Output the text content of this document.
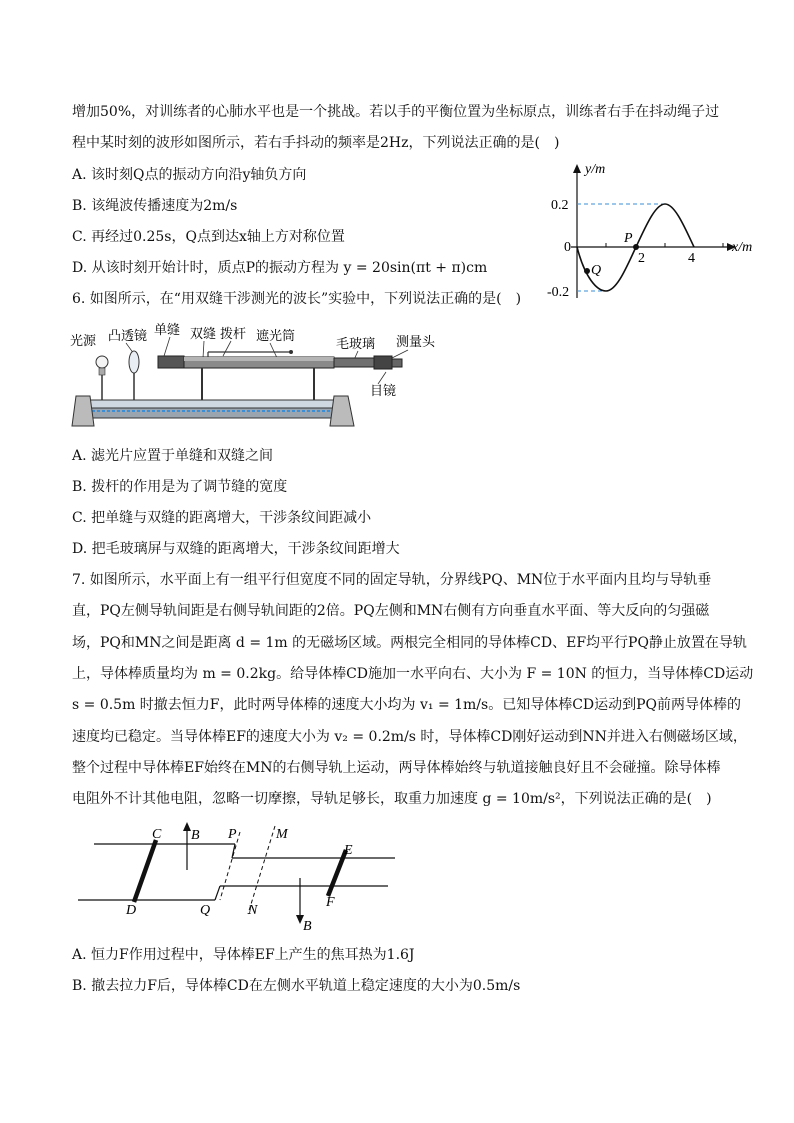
增加50%，对训练者的心肺水平也是一个挑战。若以手的平衡位置为坐标原点，训练者右手在抖动绳子过
程中某时刻的波形如图所示，若右手抖动的频率是2Hz，下列说法正确的是(　)
A. 该时刻Q点的振动方向沿y轴负方向
B. 该绳波传播速度为2m/s
C. 再经过0.25s，Q点到达x轴上方对称位置
D. 从该时刻开始计时，质点P的振动方程为 y = 20sin(πt + π)cm
y/m
x/m
0
0.2
-0.2
2	4
P
Q
6. 如图所示，在“用双缝干涉测光的波长”实验中，下列说法正确的是(　)
光源 凸透镜 单缝 双缝 拨杆 遮光筒
毛玻璃 测量头
目镜
A. 滤光片应置于单缝和双缝之间
B. 拨杆的作用是为了调节缝的宽度
C. 把单缝与双缝的距离增大，干涉条纹间距减小
D. 把毛玻璃屏与双缝的距离增大，干涉条纹间距增大
7. 如图所示，水平面上有一组平行但宽度不同的固定导轨，分界线PQ、MN位于水平面内且均与导轨垂
直，PQ左侧导轨间距是右侧导轨间距的2倍。PQ左侧和MN右侧有方向垂直水平面、等大反向的匀强磁
场，PQ和MN之间是距离 d = 1m 的无磁场区域。两根完全相同的导体棒CD、EF均平行PQ静止放置在导轨
上，导体棒质量均为 m = 0.2kg。给导体棒CD施加一水平向右、大小为 F = 10N 的恒力，当导体棒CD运动
s = 0.5m 时撤去恒力F，此时两导体棒的速度大小均为 v₁ = 1m/s。已知导体棒CD运动到PQ前两导体棒的
速度均已稳定。当导体棒EF的速度大小为 v₂ = 0.2m/s 时，导体棒CD刚好运动到NN并进入右侧磁场区域，
整个过程中导体棒EF始终在MN的右侧导轨上运动，两导体棒始终与轨道接触良好且不会碰撞。除导体棒
电阻外不计其他电阻，忽略一切摩擦，导轨足够长，取重力加速度 g = 10m/s²，下列说法正确的是(　)
C
D
B P	M
Q	N
E
F
B
A. 恒力F作用过程中，导体棒EF上产生的焦耳热为1.6J
B. 撤去拉力F后，导体棒CD在左侧水平轨道上稳定速度的大小为0.5m/s
